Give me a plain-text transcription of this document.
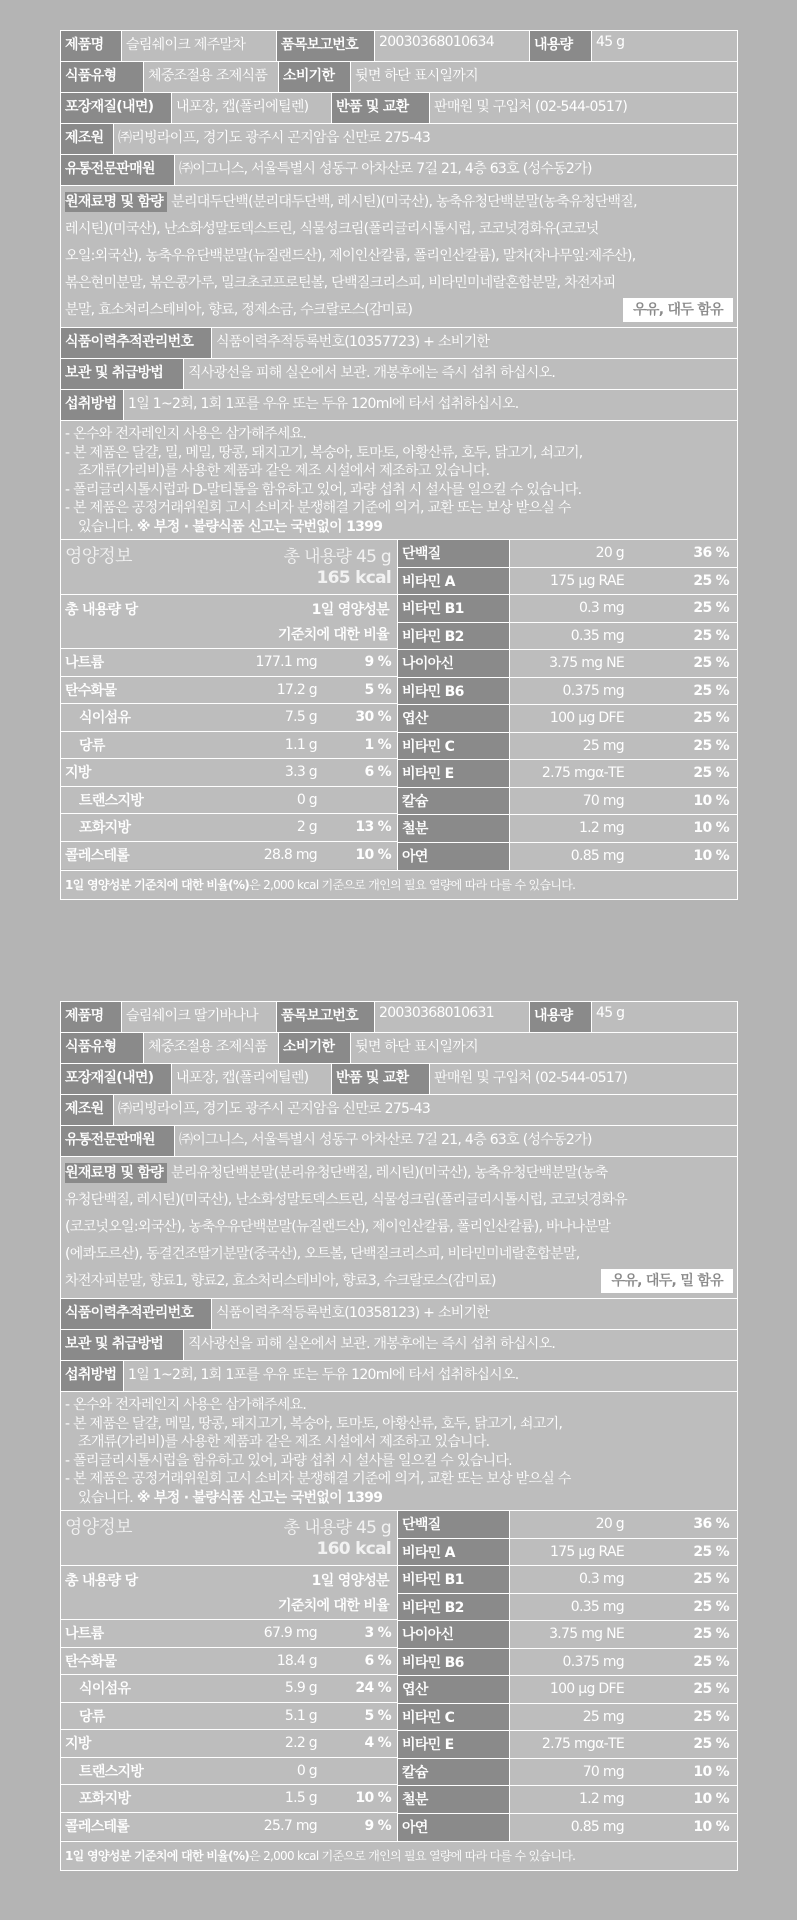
제품명	슬림쉐이크 제주말차	품목보고번호	20030368010634	내용량	45 g
식품유형	체중조절용 조제식품	소비기한	뒷면 하단 표시일까지
포장재질(내면)	내포장, 캡(폴리에틸렌)	반품 및 교환	판매원 및 구입처 (02-544-0517)
제조원	㈜리빙라이프, 경기도 광주시 곤지암읍 신만로 275-43
유통전문판매원	㈜이그니스, 서울특별시 성동구 아차산로 7길 21, 4층 63호 (성수동2가)
원재료명 및 함량 분리대두단백(분리대두단백, 레시틴)(미국산), 농축유청단백분말(농축유청단백질,
레시틴)(미국산), 난소화성말토덱스트린, 식물성크림(폴리글리시톨시럽, 코코넛경화유(코코넛
오일:외국산), 농축우유단백분말(뉴질랜드산), 제이인산칼륨, 폴리인산칼륨), 말차(차나무잎:제주산),
볶은현미분말, 볶은콩가루, 밀크초코프로틴볼, 단백질크리스피, 비타민미네랄혼합분말, 차전자피
분말, 효소처리스테비아, 향료, 정제소금, 수크랄로스(감미료)	우유, 대두 함유
식품이력추적관리번호	식품이력추적등록번호(10357723) + 소비기한
보관 및 취급방법	직사광선을 피해 실온에서 보관. 개봉후에는 즉시 섭취 하십시오.
섭취방법 1일 1~2회, 1회 1포를 우유 또는 두유 120ml에 타서 섭취하십시오.
- 온수와 전자레인지 사용은 삼가해주세요.
- 본 제품은 달걀, 밀, 메밀, 땅콩, 돼지고기, 복숭아, 토마토, 아황산류, 호두, 닭고기, 쇠고기,
조개류(가리비)를 사용한 제품과 같은 제조 시설에서 제조하고 있습니다.
- 폴리글리시톨시럽과 D-말티톨을 함유하고 있어, 과량 섭취 시 설사를 일으킬 수 있습니다.
- 본 제품은 공정거래위원회 고시 소비자 분쟁해결 기준에 의거, 교환 또는 보상 받으실 수
있습니다. ※ 부정 · 불량식품 신고는 국번없이 1399
영양정보	총 내용량 45 g
165 kcal
총 내용량 당	1일 영양성분
기준치에 대한 비율
나트륨	177.1 mg	9 %
탄수화물	17.2 g	5 %
식이섬유	7.5 g	30 %
당류	1.1 g	1 %
지방	3.3 g	6 %
트랜스지방	0 g
포화지방	2 g	13 %
콜레스테롤	28.8 mg	10 %
단백질	20 g	36 %
비타민 A	175 μg RAE	25 %
비타민 B1	0.3 mg	25 %
비타민 B2	0.35 mg	25 %
나이아신	3.75 mg NE	25 %
비타민 B6	0.375 mg	25 %
엽산	100 μg DFE	25 %
비타민 C	25 mg	25 %
비타민 E	2.75 mgα-TE	25 %
칼슘	70 mg	10 %
철분	1.2 mg	10 %
아연	0.85 mg	10 %
1일 영양성분 기준치에 대한 비율(%)은 2,000 kcal 기준으로 개인의 필요 열량에 따라 다를 수 있습니다.
제품명	슬림쉐이크 딸기바나나	품목보고번호	20030368010631	내용량	45 g
식품유형	체중조절용 조제식품	소비기한	뒷면 하단 표시일까지
포장재질(내면)	내포장, 캡(폴리에틸렌)	반품 및 교환	판매원 및 구입처 (02-544-0517)
제조원	㈜리빙라이프, 경기도 광주시 곤지암읍 신만로 275-43
유통전문판매원	㈜이그니스, 서울특별시 성동구 아차산로 7길 21, 4층 63호 (성수동2가)
원재료명 및 함량 분리유청단백분말(분리유청단백질, 레시틴)(미국산), 농축유청단백분말(농축
유청단백질, 레시틴)(미국산), 난소화성말토덱스트린, 식물성크림(폴리글리시톨시럽, 코코넛경화유
(코코넛오일:외국산), 농축우유단백분말(뉴질랜드산), 제이인산칼륨, 폴리인산칼륨), 바나나분말
(에콰도르산), 동결건조딸기분말(중국산), 오트볼, 단백질크리스피, 비타민미네랄혼합분말,
차전자피분말, 향료1, 향료2, 효소처리스테비아, 향료3, 수크랄로스(감미료)	우유, 대두, 밀 함유
식품이력추적관리번호	식품이력추적등록번호(10358123) + 소비기한
보관 및 취급방법	직사광선을 피해 실온에서 보관. 개봉후에는 즉시 섭취 하십시오.
섭취방법 1일 1~2회, 1회 1포를 우유 또는 두유 120ml에 타서 섭취하십시오.
- 온수와 전자레인지 사용은 삼가해주세요.
- 본 제품은 달걀, 메밀, 땅콩, 돼지고기, 복숭아, 토마토, 아황산류, 호두, 닭고기, 쇠고기,
조개류(가리비)를 사용한 제품과 같은 제조 시설에서 제조하고 있습니다.
- 폴리글리시톨시럽을 함유하고 있어, 과량 섭취 시 설사를 일으킬 수 있습니다.
- 본 제품은 공정거래위원회 고시 소비자 분쟁해결 기준에 의거, 교환 또는 보상 받으실 수
있습니다. ※ 부정 · 불량식품 신고는 국번없이 1399
영양정보	총 내용량 45 g
160 kcal
총 내용량 당	1일 영양성분
기준치에 대한 비율
나트륨	67.9 mg	3 %
탄수화물	18.4 g	6 %
식이섬유	5.9 g	24 %
당류	5.1 g	5 %
지방	2.2 g	4 %
트랜스지방	0 g
포화지방	1.5 g	10 %
콜레스테롤	25.7 mg	9 %
단백질	20 g	36 %
비타민 A	175 μg RAE	25 %
비타민 B1	0.3 mg	25 %
비타민 B2	0.35 mg	25 %
나이아신	3.75 mg NE	25 %
비타민 B6	0.375 mg	25 %
엽산	100 μg DFE	25 %
비타민 C	25 mg	25 %
비타민 E	2.75 mgα-TE	25 %
칼슘	70 mg	10 %
철분	1.2 mg	10 %
아연	0.85 mg	10 %
1일 영양성분 기준치에 대한 비율(%)은 2,000 kcal 기준으로 개인의 필요 열량에 따라 다를 수 있습니다.
